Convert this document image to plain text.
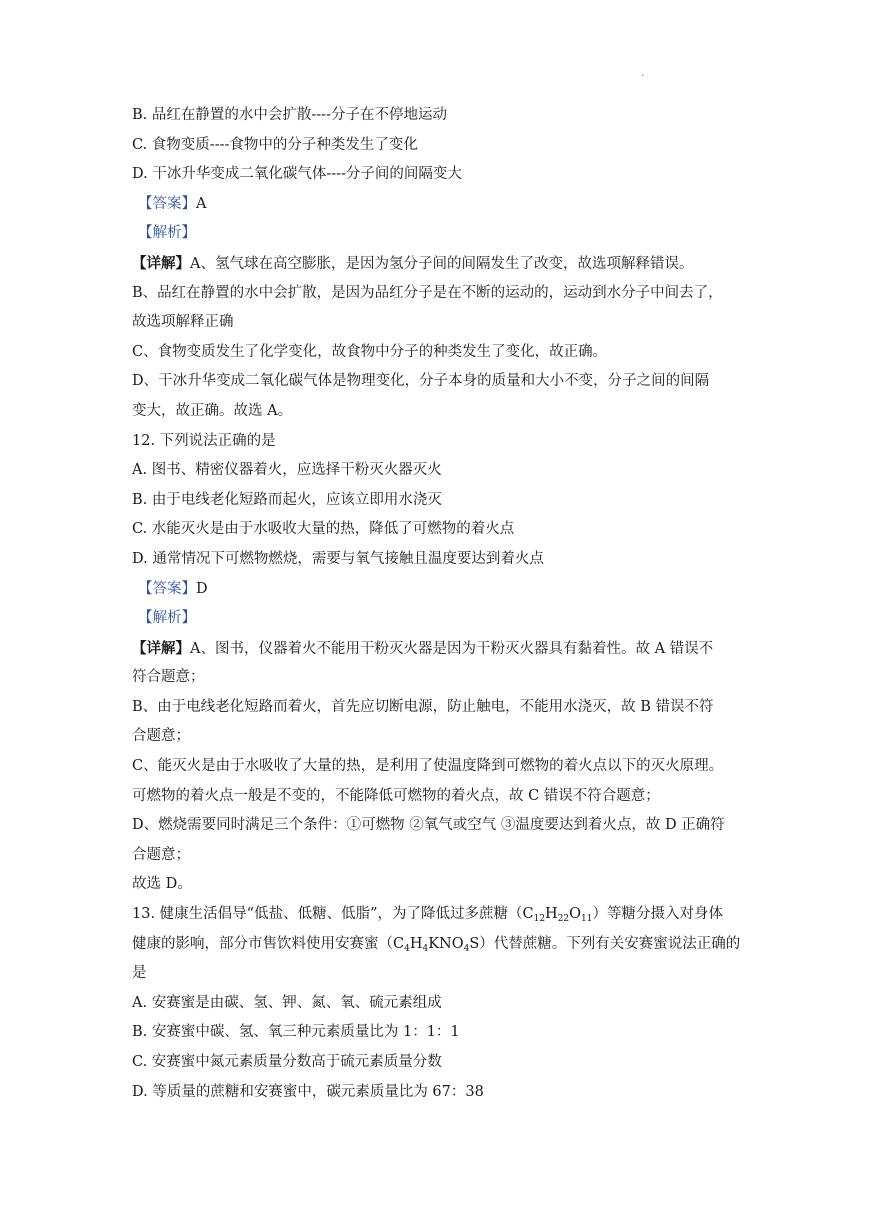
·
B. 品红在静置的水中会扩散----分子在不停地运动
C. 食物变质----食物中的分子种类发生了变化
D. 干冰升华变成二氧化碳气体----分子间的间隔变大
【答案】A
【解析】
【详解】A、氢气球在高空膨胀，是因为氢分子间的间隔发生了改变，故选项解释错误。
B、品红在静置的水中会扩散，是因为品红分子是在不断的运动的，运动到水分子中间去了，
故选项解释正确
C、食物变质发生了化学变化，故食物中分子的种类发生了变化，故正确。
D、干冰升华变成二氧化碳气体是物理变化，分子本身的质量和大小不变，分子之间的间隔
变大，故正确。故选 A。
12. 下列说法正确的是
A. 图书、精密仪器着火，应选择干粉灭火器灭火
B. 由于电线老化短路而起火，应该立即用水浇灭
C. 水能灭火是由于水吸收大量的热，降低了可燃物的着火点
D. 通常情况下可燃物燃烧，需要与氧气接触且温度要达到着火点
【答案】D
【解析】
【详解】A、图书，仪器着火不能用干粉灭火器是因为干粉灭火器具有黏着性。故 A 错误不
符合题意；
B、由于电线老化短路而着火，首先应切断电源，防止触电，不能用水浇灭，故 B 错误不符
合题意；
C、能灭火是由于水吸收了大量的热，是利用了使温度降到可燃物的着火点以下的灭火原理。
可燃物的着火点一般是不变的，不能降低可燃物的着火点，故 C 错误不符合题意；
D、燃烧需要同时满足三个条件：①可燃物 ②氧气或空气 ③温度要达到着火点，故 D 正确符
合题意；
故选 D。
13. 健康生活倡导“低盐、低糖、低脂”，为了降低过多蔗糖$(C_{12}H_{22}O_{11})$等糖分摄入对身体
健康的影响，部分市售饮料使用安赛蜜$(C_4H_4KNO_4S)$代替蔗糖。下列有关安赛蜜说法正确的
是
A. 安赛蜜是由碳、氢、钾、氮、氧、硫元素组成
B. 安赛蜜中碳、氢、氧三种元素质量比为 1：1：1
C. 安赛蜜中氮元素质量分数高于硫元素质量分数
D. 等质量的蔗糖和安赛蜜中，碳元素质量比为 67：38
